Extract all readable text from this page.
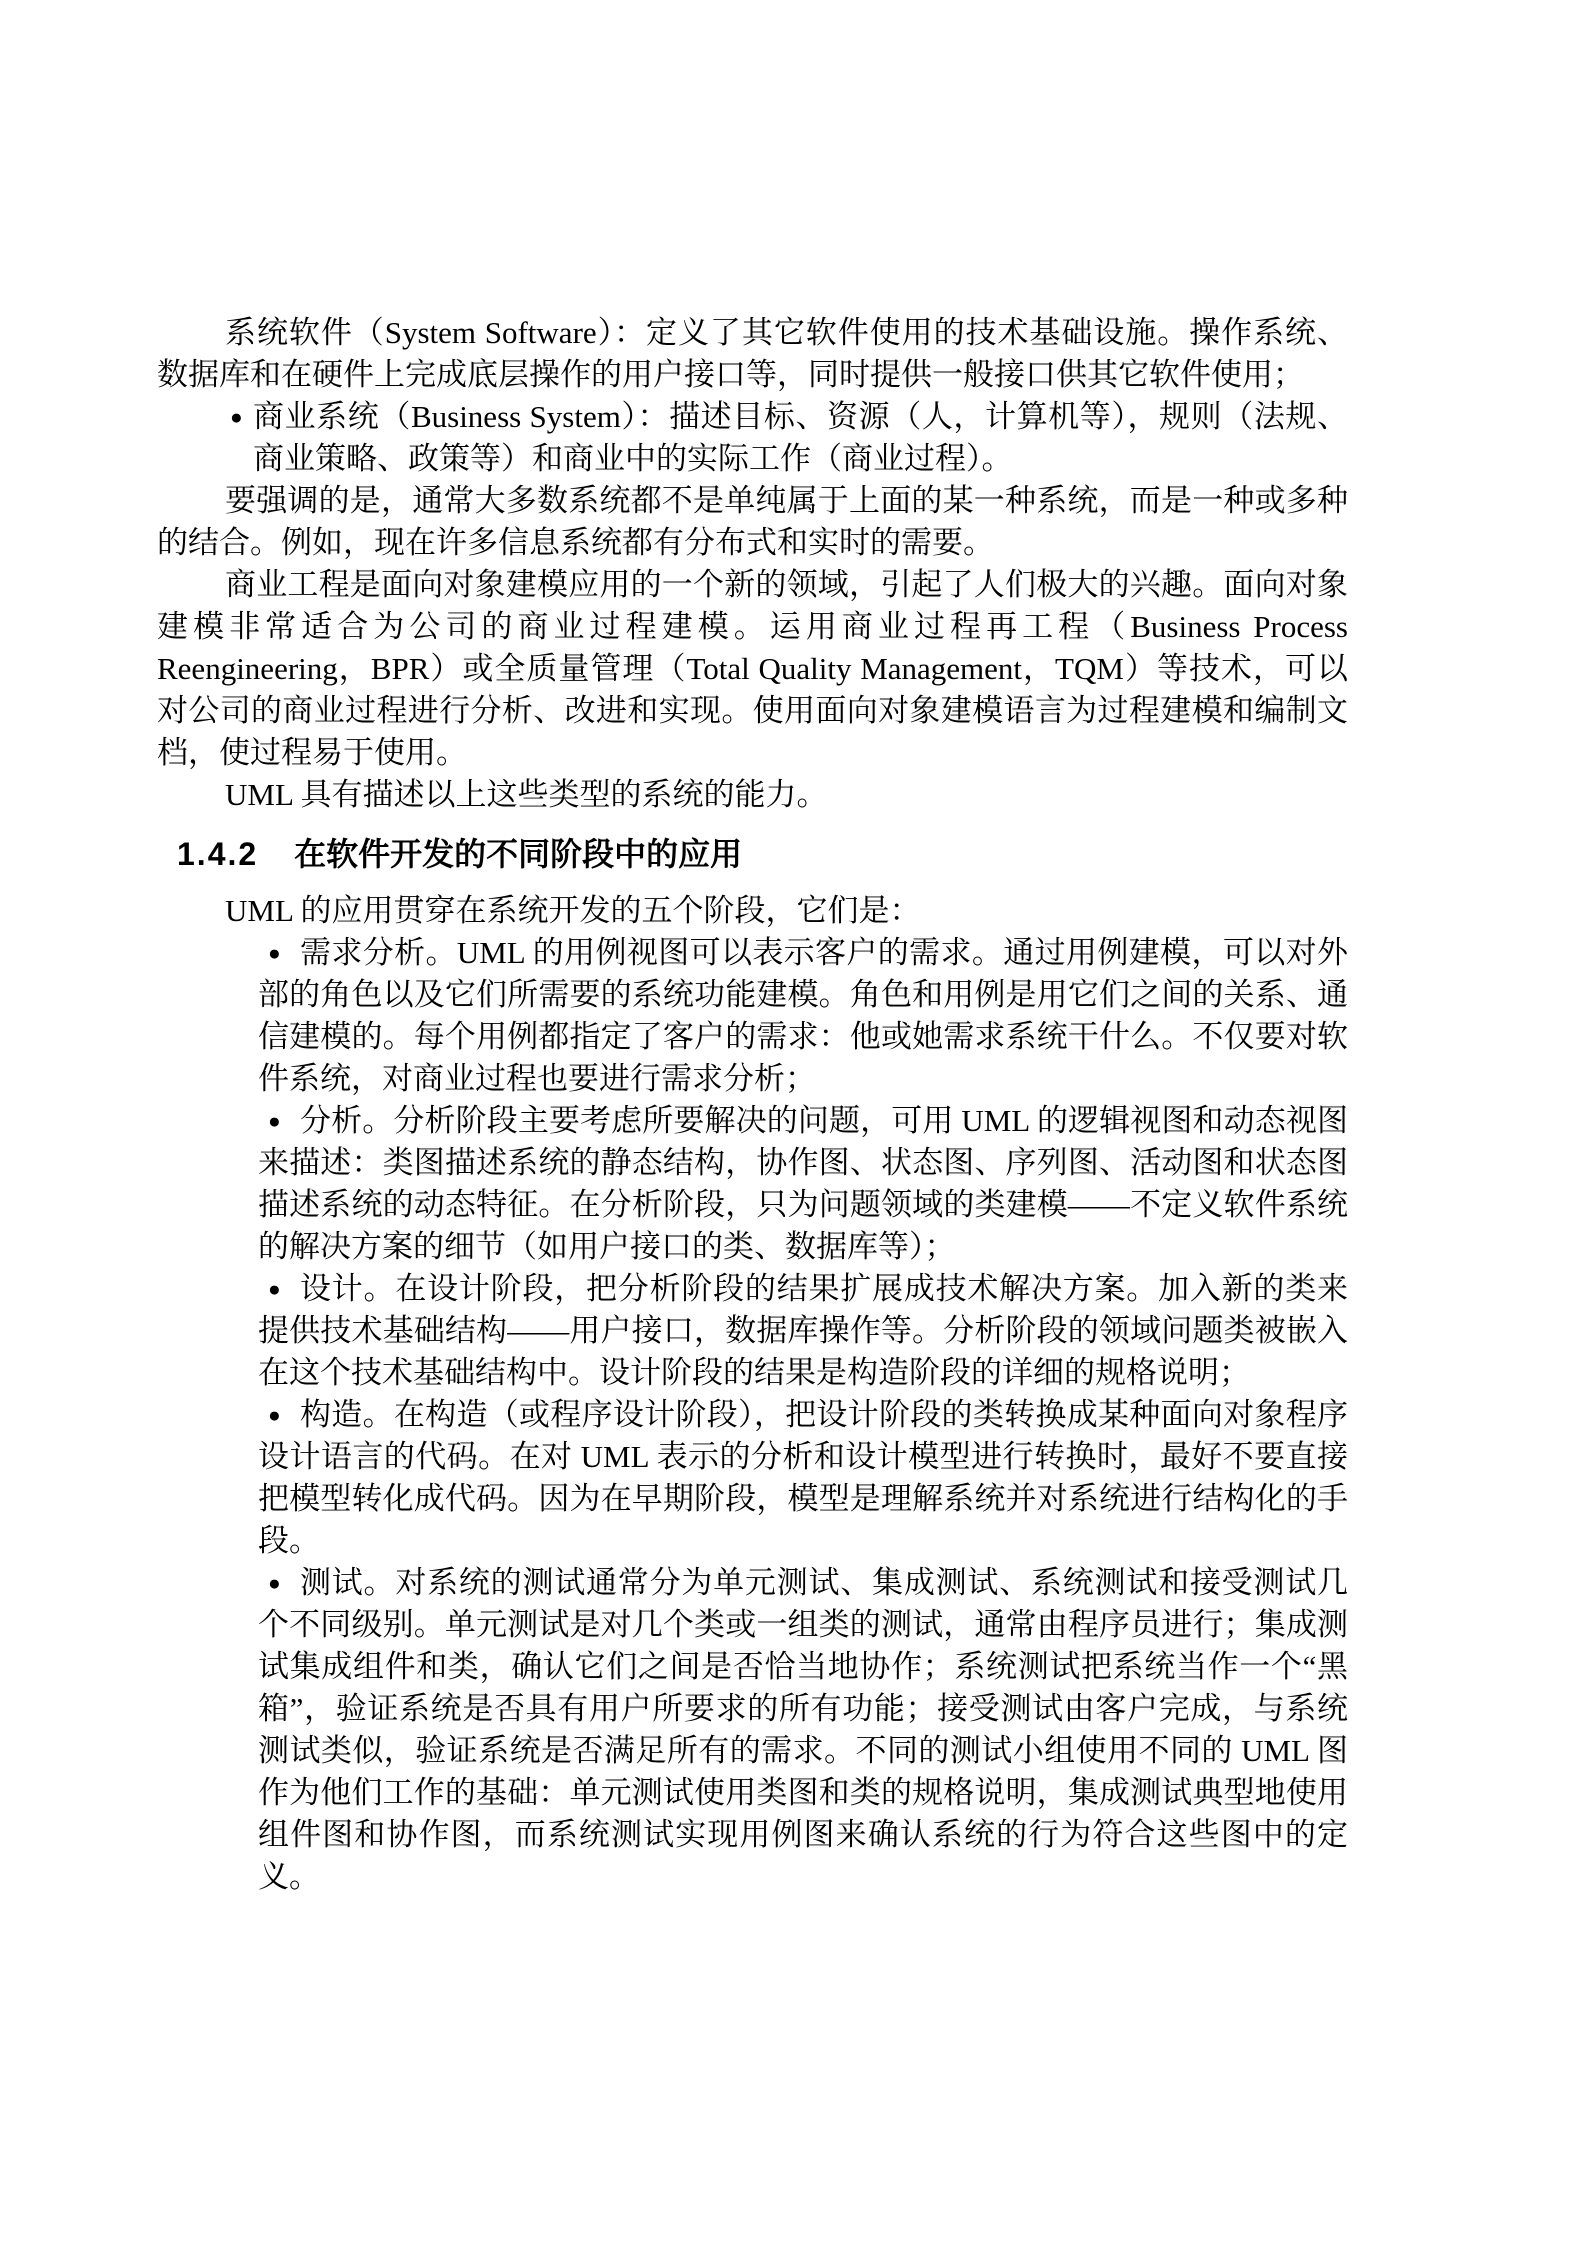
系统软件（System Software）：定义了其它软件使用的技术基础设施。操作系统、数据库和在硬件上完成底层操作的用户接口等，同时提供一般接口供其它软件使用；

● 商业系统（Business System）：描述目标、资源（人，计算机等），规则（法规、商业策略、政策等）和商业中的实际工作（商业过程）。

要强调的是，通常大多数系统都不是单纯属于上面的某一种系统，而是一种或多种的结合。例如，现在许多信息系统都有分布式和实时的需要。

商业工程是面向对象建模应用的一个新的领域，引起了人们极大的兴趣。面向对象建模非常适合为公司的商业过程建模。运用商业过程再工程（Business Process Reengineering，BPR）或全质量管理（Total Quality Management，TQM）等技术，可以对公司的商业过程进行分析、改进和实现。使用面向对象建模语言为过程建模和编制文档，使过程易于使用。

UML 具有描述以上这些类型的系统的能力。

1.4.2 在软件开发的不同阶段中的应用

UML 的应用贯穿在系统开发的五个阶段，它们是：

● 需求分析。UML 的用例视图可以表示客户的需求。通过用例建模，可以对外部的角色以及它们所需要的系统功能建模。角色和用例是用它们之间的关系、通信建模的。每个用例都指定了客户的需求：他或她需求系统干什么。不仅要对软件系统，对商业过程也要进行需求分析；
● 分析。分析阶段主要考虑所要解决的问题，可用 UML 的逻辑视图和动态视图来描述：类图描述系统的静态结构，协作图、状态图、序列图、活动图和状态图描述系统的动态特征。在分析阶段，只为问题领域的类建模——不定义软件系统的解决方案的细节（如用户接口的类、数据库等）；
● 设计。在设计阶段，把分析阶段的结果扩展成技术解决方案。加入新的类来提供技术基础结构——用户接口，数据库操作等。分析阶段的领域问题类被嵌入在这个技术基础结构中。设计阶段的结果是构造阶段的详细的规格说明；
● 构造。在构造（或程序设计阶段），把设计阶段的类转换成某种面向对象程序设计语言的代码。在对 UML 表示的分析和设计模型进行转换时，最好不要直接把模型转化成代码。因为在早期阶段，模型是理解系统并对系统进行结构化的手段。
● 测试。对系统的测试通常分为单元测试、集成测试、系统测试和接受测试几个不同级别。单元测试是对几个类或一组类的测试，通常由程序员进行；集成测试集成组件和类，确认它们之间是否恰当地协作；系统测试把系统当作一个“黑箱”，验证系统是否具有用户所要求的所有功能；接受测试由客户完成，与系统测试类似，验证系统是否满足所有的需求。不同的测试小组使用不同的 UML 图作为他们工作的基础：单元测试使用类图和类的规格说明，集成测试典型地使用组件图和协作图，而系统测试实现用例图来确认系统的行为符合这些图中的定义。
